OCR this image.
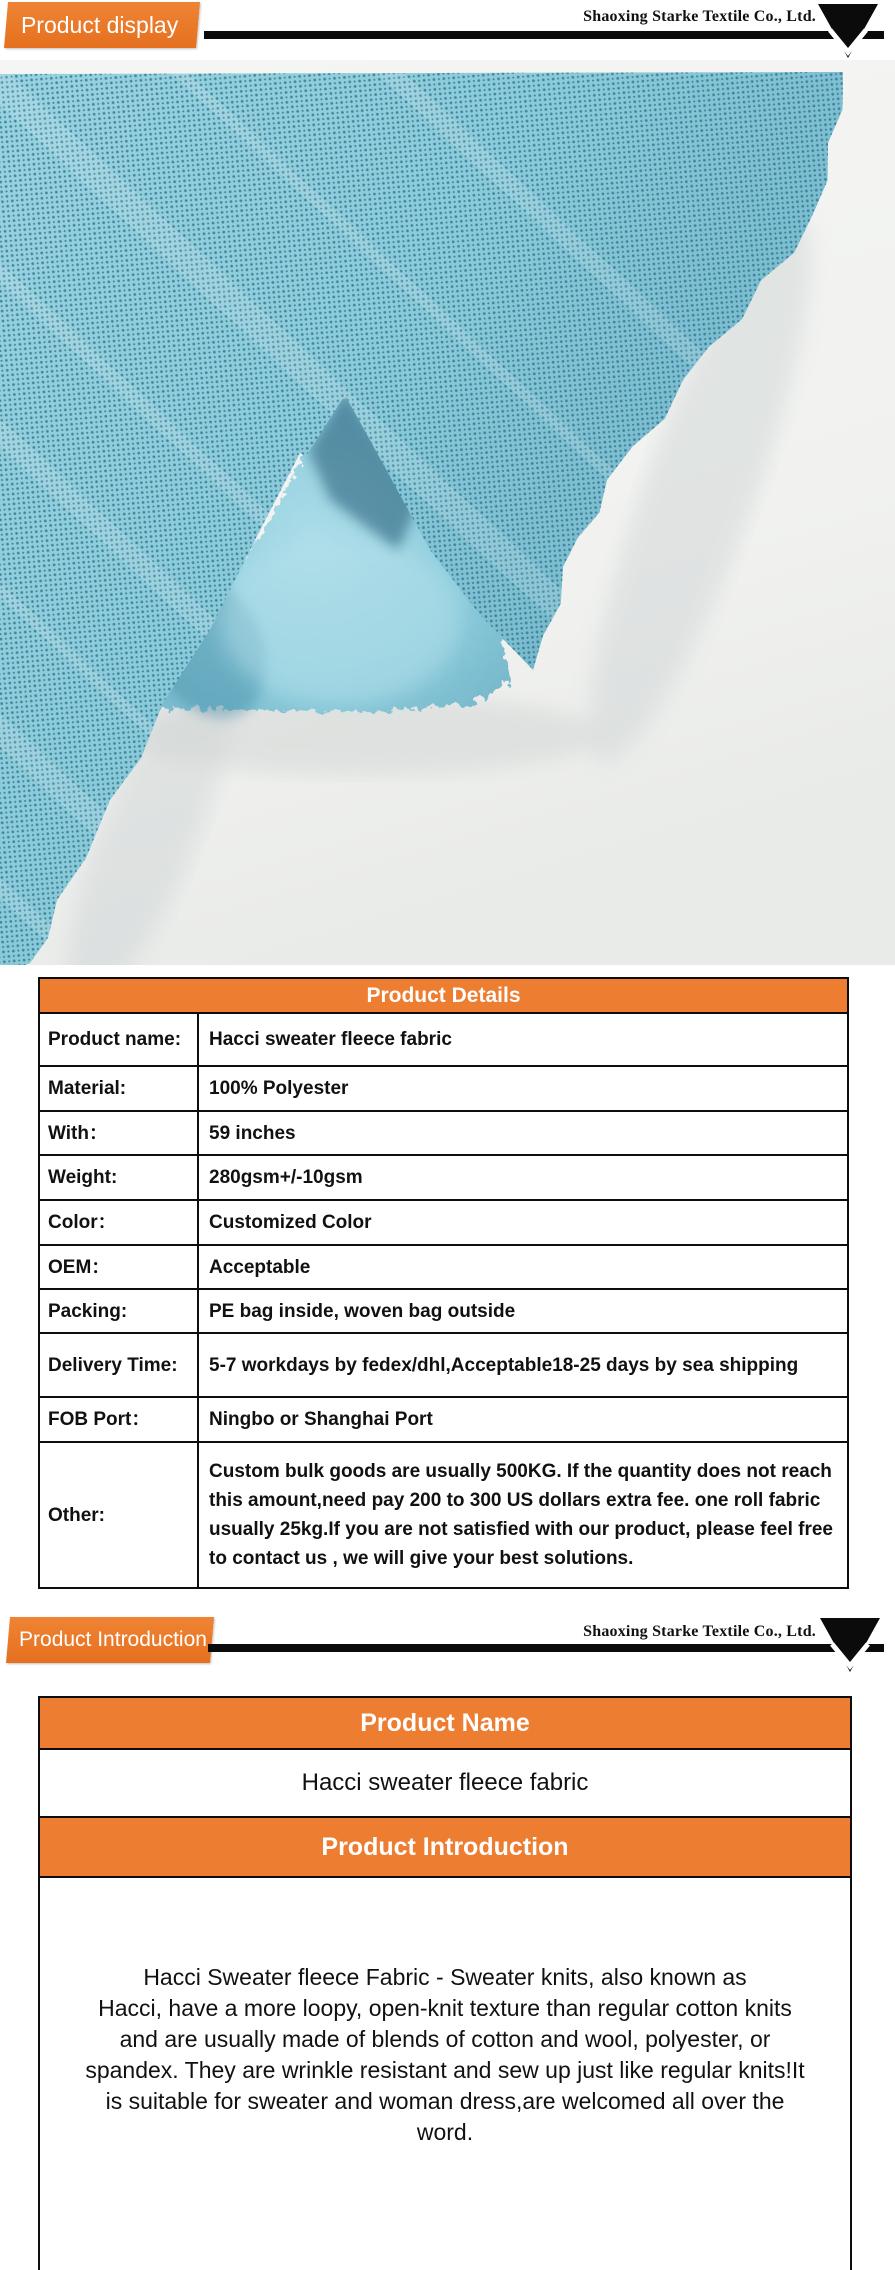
Product display	Shaoxing Starke Textile Co., Ltd.
Product Details
Product name:	Hacci sweater fleece fabric
Material:	100% Polyester
With：	59 inches
Weight:	280gsm+/-10gsm
Color：	Customized Color
OEM：	Acceptable
Packing:	PE bag inside, woven bag outside
Delivery Time:	5-7 workdays by fedex/dhl,Acceptable18-25 days by sea shipping
FOB Port：	Ningbo or Shanghai Port
Other:
Custom bulk goods are usually 500KG. If the quantity does not reach this amount,need pay 200 to 300 US dollars extra fee. one roll fabric usually 25kg.If you are not satisfied with our product, please feel free to contact us , we will give your best solutions.
Product Introduction	Shaoxing Starke Textile Co., Ltd.
Product Name
Hacci sweater fleece fabric
Product Introduction
Hacci Sweater fleece Fabric - Sweater knits, also known as
Hacci, have a more loopy, open-knit texture than regular cotton knits
and are usually made of blends of cotton and wool, polyester, or
spandex. They are wrinkle resistant and sew up just like regular knits!It
is suitable for sweater and woman dress,are welcomed all over the
word.
